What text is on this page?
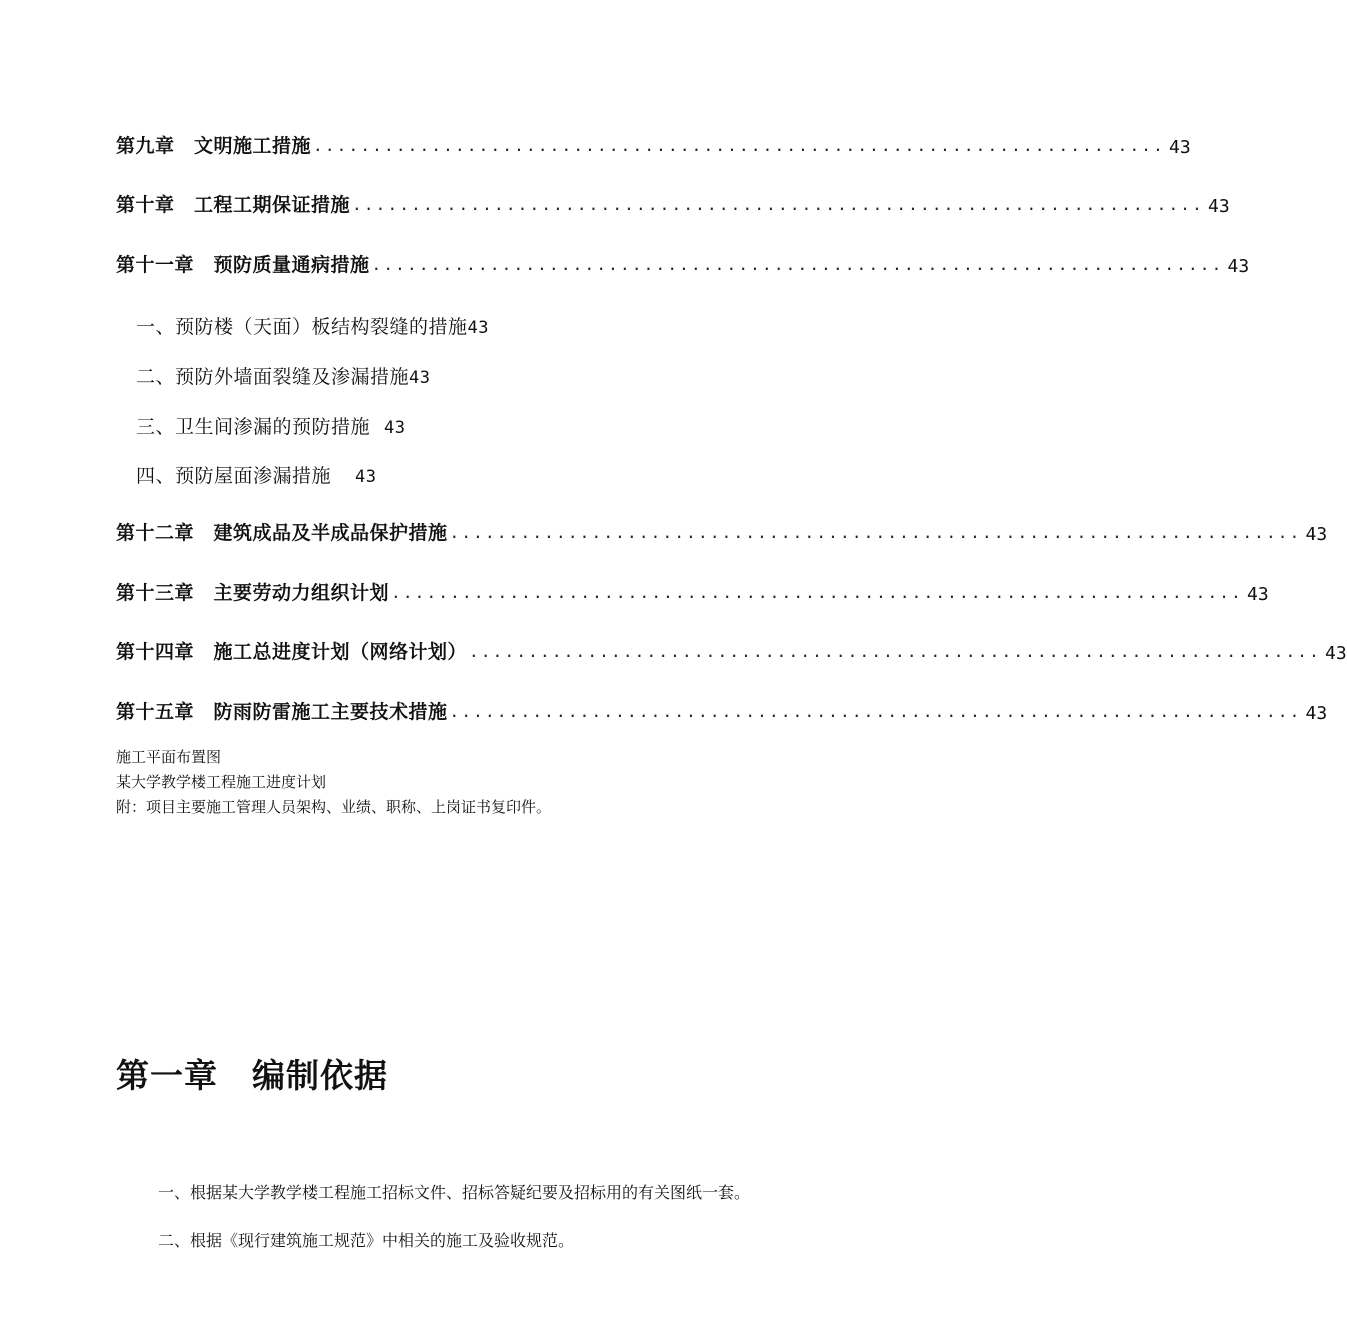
第九章　文明施工措施 ........................................................................ 43
第十章　工程工期保证措施 ........................................................................ 43
第十一章　预防质量通病措施 ........................................................................ 43
一、预防楼（天面）板结构裂缝的措施43
二、预防外墙面裂缝及渗漏措施43
三、卫生间渗漏的预防措施 43
四、预防屋面渗漏措施 43
第十二章　建筑成品及半成品保护措施 ........................................................................ 43
第十三章　主要劳动力组织计划 ........................................................................ 43
第十四章　施工总进度计划（网络计划） ........................................................................ 43
第十五章　防雨防雷施工主要技术措施 ........................................................................ 43
施工平面布置图
某大学教学楼工程施工进度计划
附：项目主要施工管理人员架构、业绩、职称、上岗证书复印件。
第一章　编制依据
一、根据某大学教学楼工程施工招标文件、招标答疑纪要及招标用的有关图纸一套。
二、根据《现行建筑施工规范》中相关的施工及验收规范。
